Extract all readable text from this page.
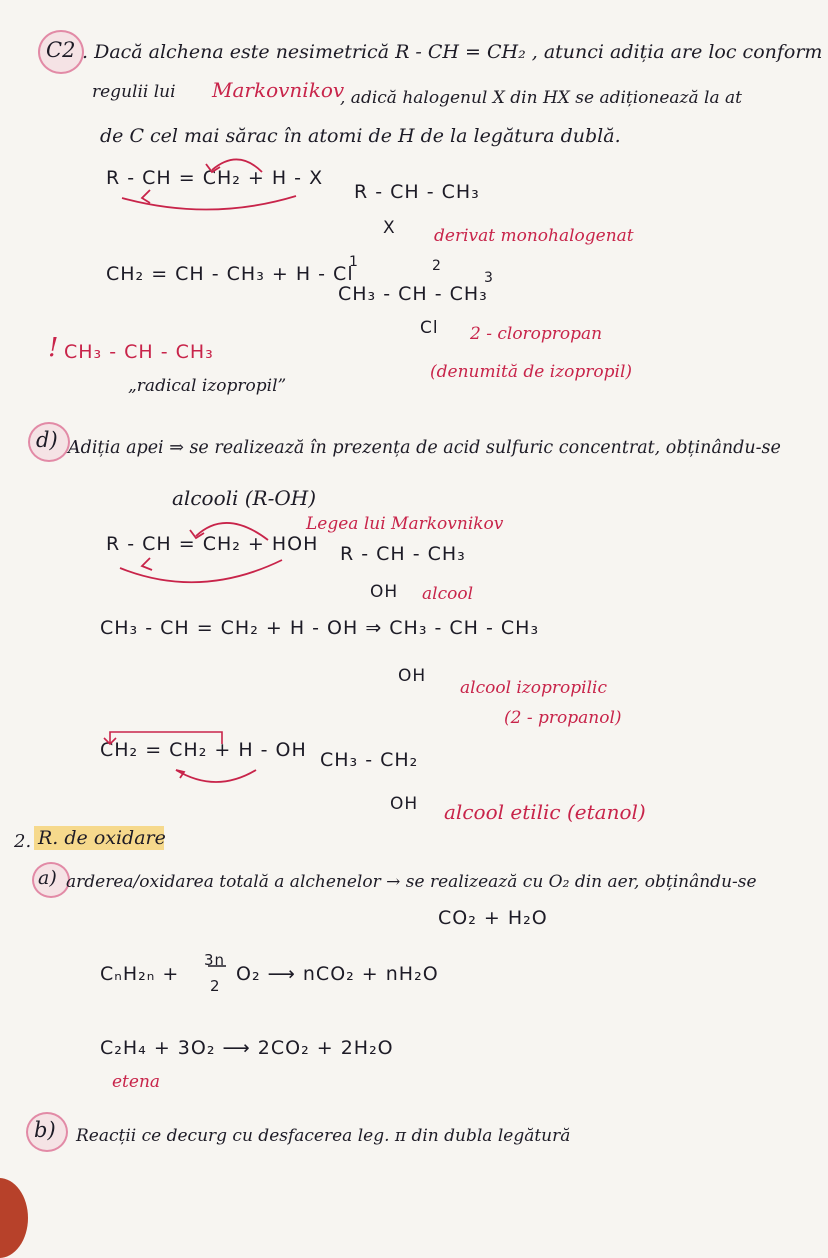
C2 . Dacă alchena este nesimetrică R - CH = CH₂ , atunci adiția are loc conform
regulii lui Markovnikov
, adică halogenul X din HX se adiționează la at
de C cel mai sărac în atomi de H de la legătura dublă.
R - CH = CH₂ + H - X
R - CH - CH₃
X derivat monohalogenat
CH₂ = CH - CH₃ + H - Cl
CH₃ - CH - CH₃
1	2
3
Cl 2 - cloropropan
(denumită de izopropil)
! CH₃ - CH - CH₃
„radical izopropil”
d) Adiția apei ⇒ se realizează în prezența de acid sulfuric concentrat, obținându-se
alcooli (R-OH)
Legea lui Markovnikov
R - CH = CH₂ + HOH R - CH - CH₃
OH alcool
CH₃ - CH = CH₂ + H - OH ⇒ CH₃ - CH - CH₃
OH
alcool izopropilic
(2 - propanol)
CH₂ = CH₂ + H - OH CH₃ - CH₂
OH alcool etilic (etanol)
2. R. de oxidare
a) arderea/oxidarea totală a alchenelor → se realizează cu O₂ din aer, obținându-se
CO₂ + H₂O
CₙH₂ₙ +
3n
2
O₂ ⟶ nCO₂ + nH₂O
C₂H₄ + 3O₂ ⟶ 2CO₂ + 2H₂O
etena
b) Reacții ce decurg cu desfacerea leg. π din dubla legătură
